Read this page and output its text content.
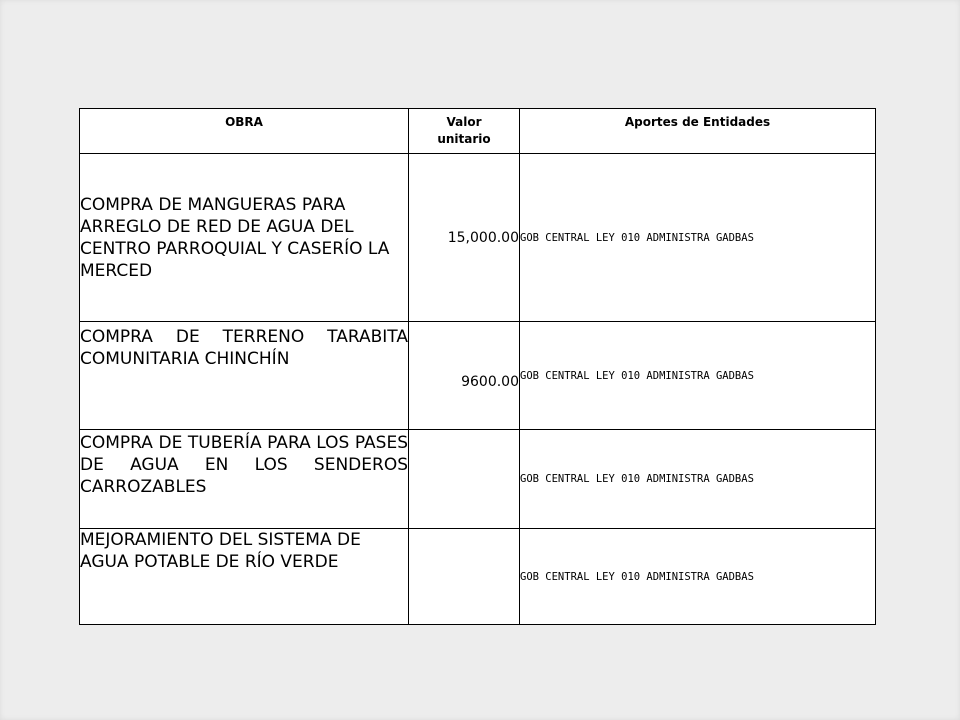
OBRA	Valor unitario	Aportes de Entidades
COMPRA DE MANGUERAS PARA ARREGLO DE RED DE AGUA DEL CENTRO PARROQUIAL Y CASERÍO LA MERCED	15,000.00	GOB CENTRAL LEY 010 ADMINISTRA GADBAS
COMPRA DE TERRENO TARABITA COMUNITARIA CHINCHÍN	9600.00	GOB CENTRAL LEY 010 ADMINISTRA GADBAS
COMPRA DE TUBERÍA PARA LOS PASES DE AGUA EN LOS SENDEROS CARROZABLES		GOB CENTRAL LEY 010 ADMINISTRA GADBAS
MEJORAMIENTO DEL SISTEMA DE AGUA POTABLE DE RÍO VERDE		GOB CENTRAL LEY 010 ADMINISTRA GADBAS
